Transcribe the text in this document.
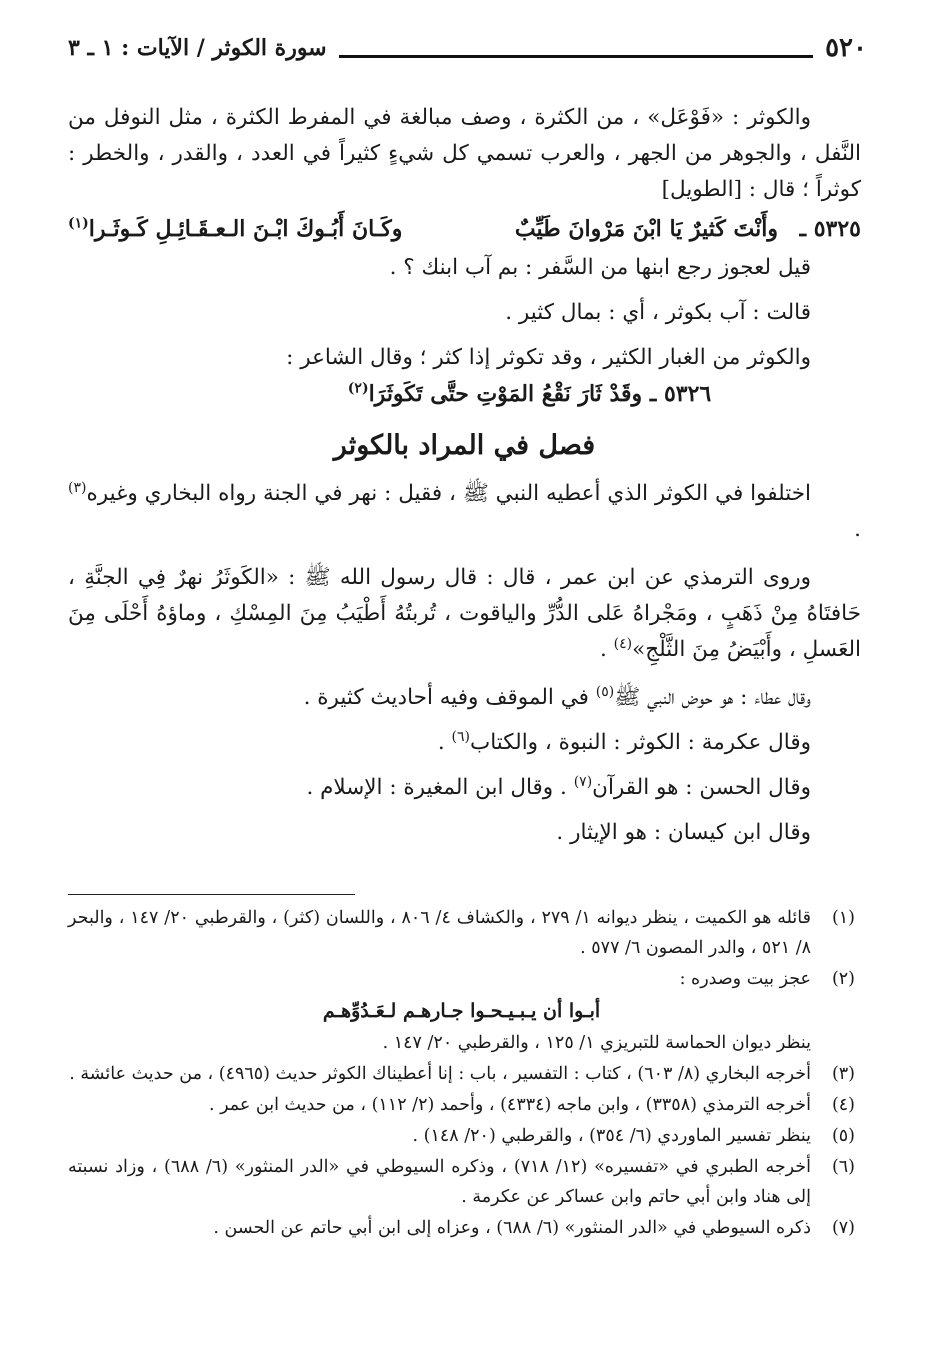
٥٢٠
سورة الكوثر / الآيات : ١ ـ ٣

والكوثر : «فَوْعَل» ، من الكثرة ، وصف مبالغة في المفرط الكثرة ، مثل النوفل من النَّفل ، والجوهر من الجهر ، والعرب تسمي كل شيءٍ كثيراً في العدد ، والقدر ، والخطر : كوثراً ؛ قال : [الطويل]

٥٣٢٥ ـ وأَنْتَ كَثيرٌ يَا ابْنَ مَرْوانَ طَيِّبٌ
وكَـانَ أَبُـوكَ ابْـنَ الـعـقَـائِـلِ كَـوثَـرا$^{(١)}$

قيل لعجوز رجع ابنها من السَّفر : بم آب ابنك ؟ .

قالت : آب بكوثر ، أي : بمال كثير .

والكوثر من الغبار الكثير ، وقد تكوثر إذا كثر ؛ وقال الشاعر :

٥٣٢٦ ـ وقَدْ ثَارَ نَقْعُ المَوْتِ حتَّى تَكَوثَرَا$^{(٢)}$
فصل في المراد بالكوثر

اختلفوا في الكوثر الذي أعطيه النبي ﷺ ، فقيل : نهر في الجنة رواه البخاري وغيره$^{(٣)}$ .

وروى الترمذي عن ابن عمر ، قال : قال رسول الله ﷺ : «الكَوثَرُ نهرٌ فِي الجنَّةِ ، حَافتَاهُ مِنْ ذَهَبٍ ، ومَجْراهُ عَلى الدُّرِّ والياقوت ، تُربتُهُ أَطْيَبُ مِنَ المِسْكِ ، وماؤهُ أَحْلَى مِنَ العَسلِ ، وأَبْيَضُ مِنَ الثَّلْجِ»$^{(٤)}$ .

وقال عطاء : هو حوض النبي ﷺ$^{(٥)}$ في الموقف وفيه أحاديث كثيرة .

وقال عكرمة : الكوثر : النبوة ، والكتاب$^{(٦)}$ .

وقال الحسن : هو القرآن$^{(٧)}$ . وقال ابن المغيرة : الإسلام .

وقال ابن كيسان : هو الإيثار .

(١)
قائله هو الكميت ، ينظر ديوانه ١/ ٢٧٩ ، والكشاف ٤/ ٨٠٦ ، واللسان (كثر) ، والقرطبي ٢٠/ ١٤٧ ، والبحر ٨/ ٥٢١ ، والدر المصون ٦/ ٥٧٧ .
(٢)
عجز بيت وصدره :
أبـوا أن يـبـيـحـوا جـارهـم لـعَـدُوِّهـم
ينظر ديوان الحماسة للتبريزي ١/ ١٢٥ ، والقرطبي ٢٠/ ١٤٧ .
(٣)
أخرجه البخاري (٨/ ٦٠٣) ، كتاب : التفسير ، باب : إنا أعطيناك الكوثر حديث (٤٩٦٥) ، من حديث عائشة .
(٤)
أخرجه الترمذي (٣٣٥٨) ، وابن ماجه (٤٣٣٤) ، وأحمد (٢/ ١١٢) ، من حديث ابن عمر .
(٥)
ينظر تفسير الماوردي (٦/ ٣٥٤) ، والقرطبي (٢٠/ ١٤٨) .
(٦)
أخرجه الطبري في «تفسيره» (١٢/ ٧١٨) ، وذكره السيوطي في «الدر المنثور» (٦/ ٦٨٨) ، وزاد نسبته إلى هناد وابن أبي حاتم وابن عساكر عن عكرمة .
(٧)
ذكره السيوطي في «الدر المنثور» (٦/ ٦٨٨) ، وعزاه إلى ابن أبي حاتم عن الحسن .
